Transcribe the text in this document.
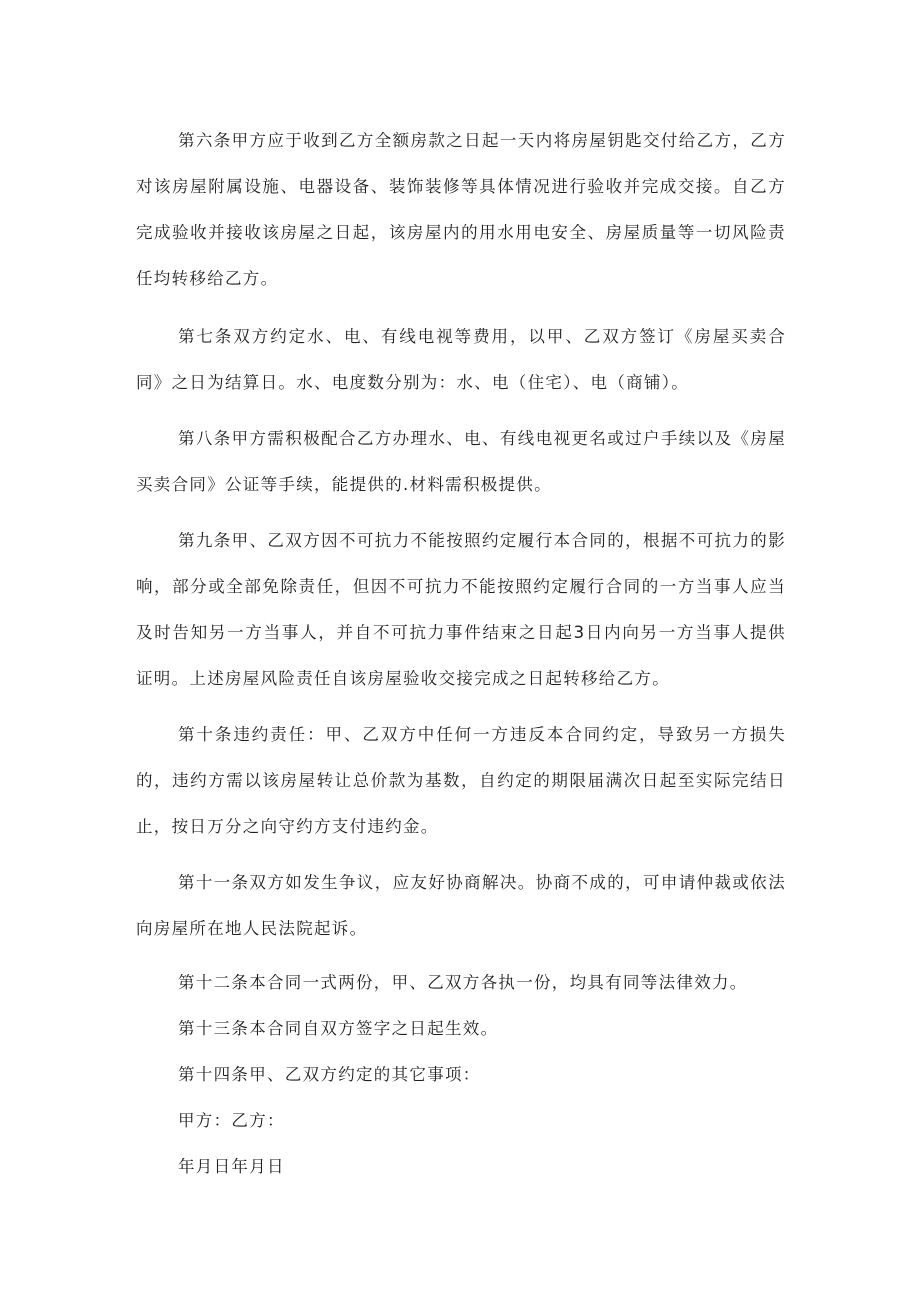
第六条甲方应于收到乙方全额房款之日起一天内将房屋钥匙交付给乙方，乙方对该房屋附属设施、电器设备、装饰装修等具体情况进行验收并完成交接。自乙方完成验收并接收该房屋之日起，该房屋内的用水用电安全、房屋质量等一切风险责任均转移给乙方。

第七条双方约定水、电、有线电视等费用，以甲、乙双方签订《房屋买卖合同》之日为结算日。水、电度数分别为：水、电（住宅）、电（商铺）。

第八条甲方需积极配合乙方办理水、电、有线电视更名或过户手续以及《房屋买卖合同》公证等手续，能提供的.材料需积极提供。

第九条甲、乙双方因不可抗力不能按照约定履行本合同的，根据不可抗力的影响，部分或全部免除责任，但因不可抗力不能按照约定履行合同的一方当事人应当及时告知另一方当事人，并自不可抗力事件结束之日起3日内向另一方当事人提供证明。上述房屋风险责任自该房屋验收交接完成之日起转移给乙方。

第十条违约责任：甲、乙双方中任何一方违反本合同约定，导致另一方损失的，违约方需以该房屋转让总价款为基数，自约定的期限届满次日起至实际完结日止，按日万分之向守约方支付违约金。

第十一条双方如发生争议，应友好协商解决。协商不成的，可申请仲裁或依法向房屋所在地人民法院起诉。

第十二条本合同一式两份，甲、乙双方各执一份，均具有同等法律效力。

第十三条本合同自双方签字之日起生效。

第十四条甲、乙双方约定的其它事项：

甲方：乙方：

年月日年月日
